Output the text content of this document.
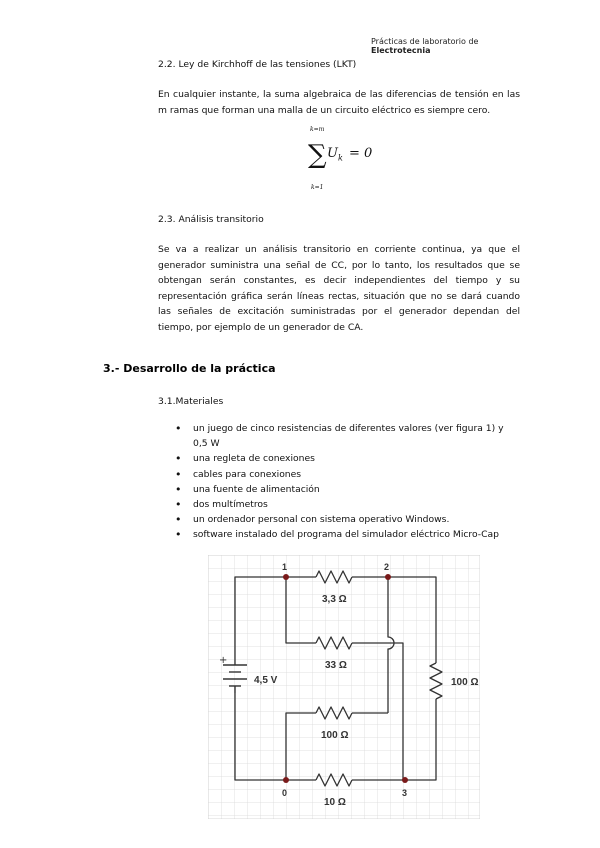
Prácticas de laboratorio de
Electrotecnia
2.2. Ley de Kirchhoff de las tensiones (LKT)
En cualquier instante, la suma algebraica de las diferencias de tensión en las m ramas que forman una malla de un circuito eléctrico es siempre cero.
k=m
∑ $U_k = 0$
k=1
2.3. Análisis transitorio
Se va a realizar un análisis transitorio en corriente continua, ya que el generador suministra una señal de CC, por lo tanto, los resultados que se obtengan serán constantes, es decir independientes del tiempo y su representación gráfica serán líneas rectas, situación que no se dará cuando las señales de excitación suministradas por el generador dependan del tiempo, por ejemplo de un generador de CA.
3.- Desarrollo de la práctica
3.1.Materiales
• un juego de cinco resistencias de diferentes valores (ver figura 1) y 0,5 W
• una regleta de conexiones
• cables para conexiones
• una fuente de alimentación
• dos multímetros
• un ordenador personal con sistema operativo Windows.
• software instalado del programa del simulador eléctrico Micro-Cap
+
4,5 V
1	2
0	3
3,3 Ω
33 Ω
100 Ω
10 Ω
100 Ω
